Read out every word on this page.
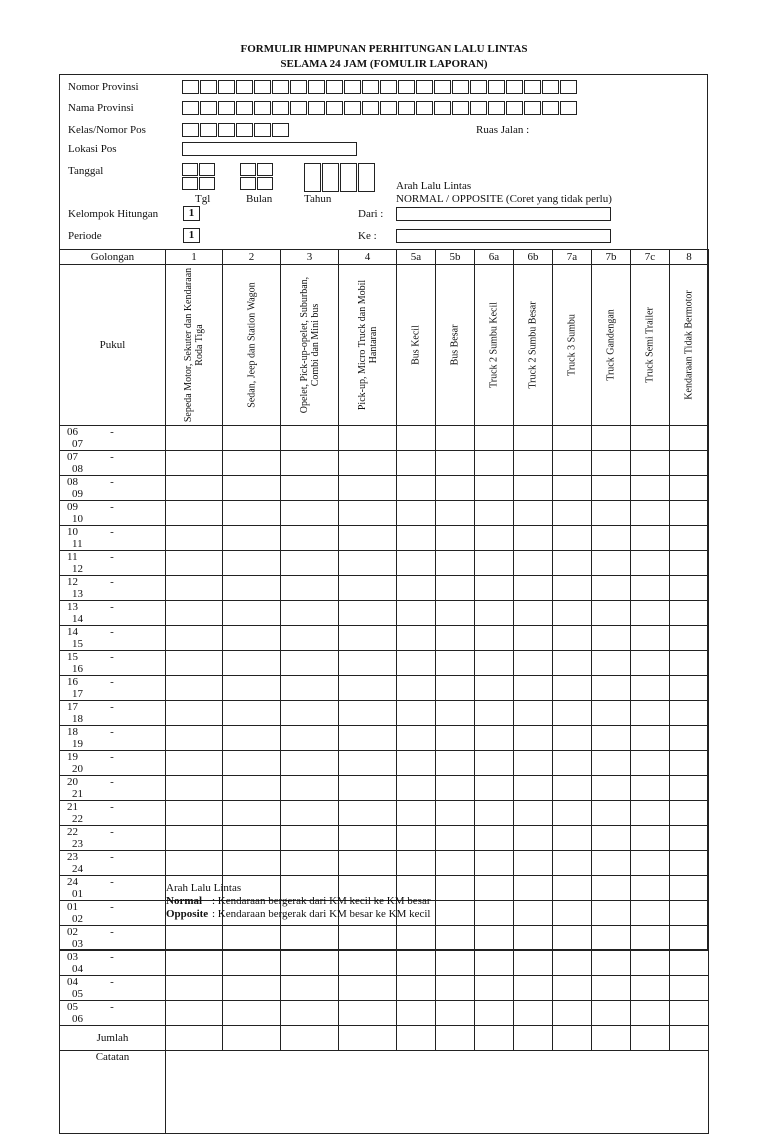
FORMULIR HIMPUNAN PERHITUNGAN LALU LINTAS
SELAMA 24 JAM (FOMULIR LAPORAN)
Nomor Provinsi
Nama Provinsi
Kelas/Nomor Pos	Ruas Jalan :
Lokasi Pos
Tanggal
Tgl	Bulan	Tahun
Arah Lalu Lintas
NORMAL / OPPOSITE (Coret yang tidak perlu)
Kelompok Hitungan	1	Dari :
Periode	1	Ke :
Golongan	1	2	3	4	5a	5b	6a	6b	7a	7b	7c	8
Pukul	Sepeda Motor, Sekuter dan Kendaraan Roda Tiga	Sedan, Jeep dan Station Wagon	Opelet, Pick-up-opelet, Suburban, Combi dan Mini bus	Pick-up, Micro Truck dan Mobil Hantaran	Bus Kecil	Bus Besar	Truck 2 Sumbu Kecil	Truck 2 Sumbu Besar	Truck 3 Sumbu	Truck Gandengan	Truck Semi Trailer	Kendaraan Tidak Bermotor

06 -07												
07 -08												
08 -09												
09 -10												
10 -11												
11 -12												
12 -13												
13 -14												
14 -15												
15 -16												
16 -17												
17 -18												
18 -19												
19 -20												
20 -21												
21 -22												
22 -23												
23 -24												
24 -01												
01 -02												
02 -03												
03 -04												
04 -05												
05 -06												
Jumlah												
Catatan												
Arah Lalu Lintas
Normal : Kendaraan bergerak dari KM kecil ke KM besar
Opposite : Kendaraan bergerak dari KM besar ke KM kecil
